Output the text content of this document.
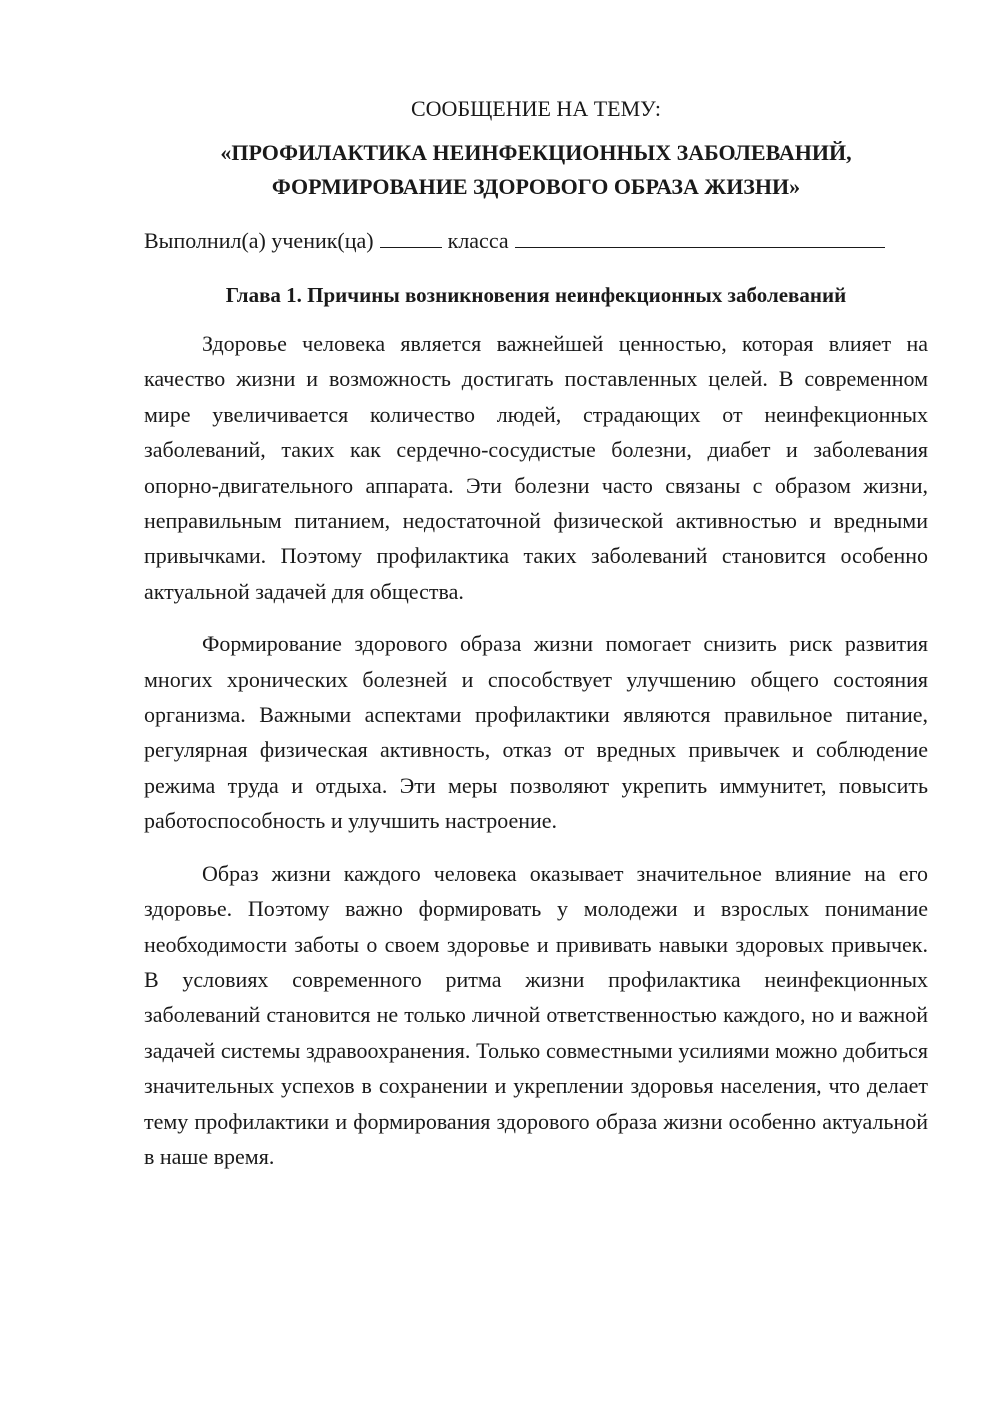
СООБЩЕНИЕ НА ТЕМУ:

«ПРОФИЛАКТИКА НЕИНФЕКЦИОННЫХ ЗАБОЛЕВАНИЙ,
ФОРМИРОВАНИЕ ЗДОРОВОГО ОБРАЗА ЖИЗНИ»

Выполнил(а) ученик(ца)	класса

Глава 1. Причины возникновения неинфекционных заболеваний

Здоровье человека является важнейшей ценностью, которая влияет на качество жизни и возможность достигать поставленных целей. В современном мире увеличивается количество людей, страдающих от неинфекционных заболеваний, таких как сердечно-сосудистые болезни, диабет и заболевания опорно-двигательного аппарата. Эти болезни часто связаны с образом жизни, неправильным питанием, недостаточной физической активностью и вредными привычками. Поэтому профилактика таких заболеваний становится особенно актуальной задачей для общества.

Формирование здорового образа жизни помогает снизить риск развития многих хронических болезней и способствует улучшению общего состояния организма. Важными аспектами профилактики являются правильное питание, регулярная физическая активность, отказ от вредных привычек и соблюдение режима труда и отдыха. Эти меры позволяют укрепить иммунитет, повысить работоспособность и улучшить настроение.

Образ жизни каждого человека оказывает значительное влияние на его здоровье. Поэтому важно формировать у молодежи и взрослых понимание необходимости заботы о своем здоровье и прививать навыки здоровых привычек. В условиях современного ритма жизни профилактика неинфекционных заболеваний становится не только личной ответственностью каждого, но и важной задачей системы здравоохранения. Только совместными усилиями можно добиться значительных успехов в сохранении и укреплении здоровья населения, что делает тему профилактики и формирования здорового образа жизни особенно актуальной в наше время.
